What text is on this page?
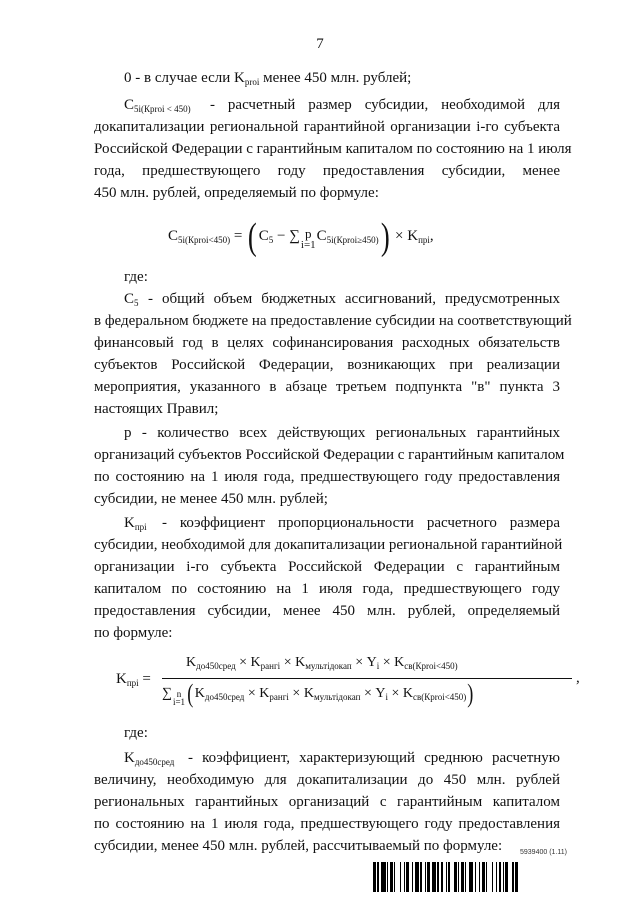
7
0 - в случае если $K_{proi}$ менее 450 млн. рублей;
$С_{5i(Кproi < 450)}$ - расчетный размер субсидии, необходимой для
докапитализации региональной гарантийной организации i-го субъекта
Российской Федерации с гарантийным капиталом по состоянию на 1 июля
года, предшествующего году предоставления субсидии, менее
450 млн. рублей, определяемый по формуле:
$C_{5i(Кproi<450)}$ = ( $C_5$ − ∑ p
$i=1C_{5i(Кproi\ge 450)}) \times K_{прi}$,
где:
$С_5$ - общий объем бюджетных ассигнований, предусмотренных
в федеральном бюджете на предоставление субсидии на соответствующий
финансовый год в целях софинансирования расходных обязательств
субъектов Российской Федерации, возникающих при реализации
мероприятия, указанного в абзаце третьем подпункта "в" пункта 3
настоящих Правил;
p - количество всех действующих региональных гарантийных
организаций субъектов Российской Федерации с гарантийным капиталом
по состоянию на 1 июля года, предшествующего году предоставления
субсидии, не менее 450 млн. рублей;
$K_{прi}$ - коэффициент пропорциональности расчетного размера
субсидии, необходимой для докапитализации региональной гарантийной
организации i-го субъекта Российской Федерации с гарантийным
капиталом по состоянию на 1 июля года, предшествующего году
предоставления субсидии, менее 450 млн. рублей, определяемый
по формуле:
$K_{прi}$ =
$K_{до450сред} \times K_{рангi} \times K_{мультідокап} \times Y_i \times K_{св(Кproi<450)}$
∑ n
$i=1(K_{до450сред} \times K_{рангi} \times K_{мультідокап} \times Y_i \times K_{св(Кproi<450)})$
,
где:
$K_{до450сред}$ - коэффициент, характеризующий среднюю расчетную
величину, необходимую для докапитализации до 450 млн. рублей
региональных гарантийных организаций с гарантийным капиталом
по состоянию на 1 июля года, предшествующего году предоставления
субсидии, менее 450 млн. рублей, рассчитываемый по формуле:	5939400 (1.11)
